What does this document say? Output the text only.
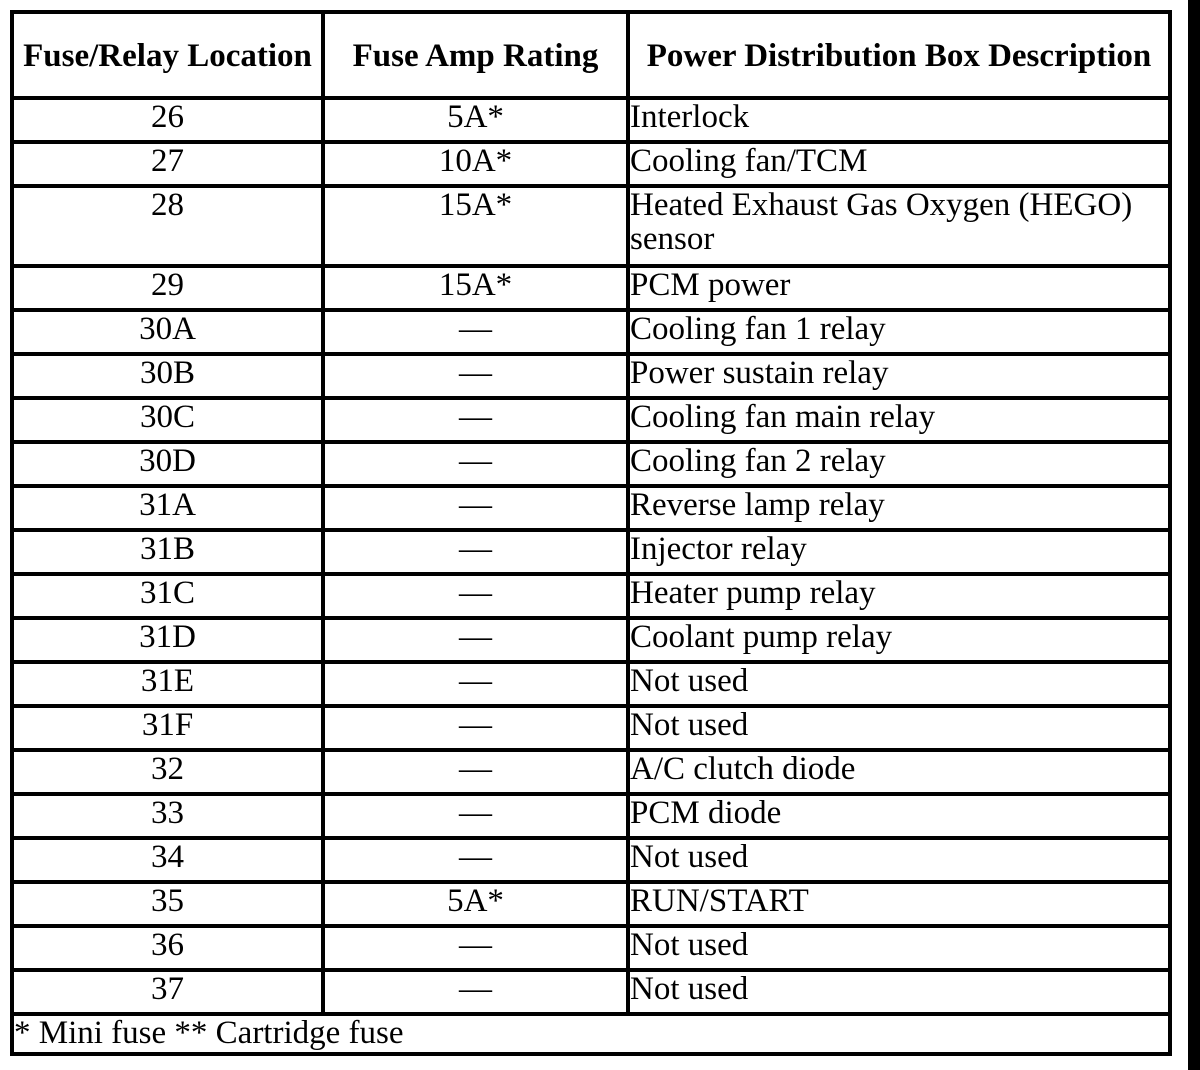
Fuse/Relay Location	Fuse Amp Rating	Power Distribution Box Description
26	5A*	Interlock
27	10A*	Cooling fan/TCM
28	15A*	Heated Exhaust Gas Oxygen (HEGO) sensor
29	15A*	PCM power
30A	—	Cooling fan 1 relay
30B	—	Power sustain relay
30C	—	Cooling fan main relay
30D	—	Cooling fan 2 relay
31A	—	Reverse lamp relay
31B	—	Injector relay
31C	—	Heater pump relay
31D	—	Coolant pump relay
31E	—	Not used
31F	—	Not used
32	—	A/C clutch diode
33	—	PCM diode
34	—	Not used
35	5A*	RUN/START
36	—	Not used
37	—	Not used
* Mini fuse ** Cartridge fuse		
